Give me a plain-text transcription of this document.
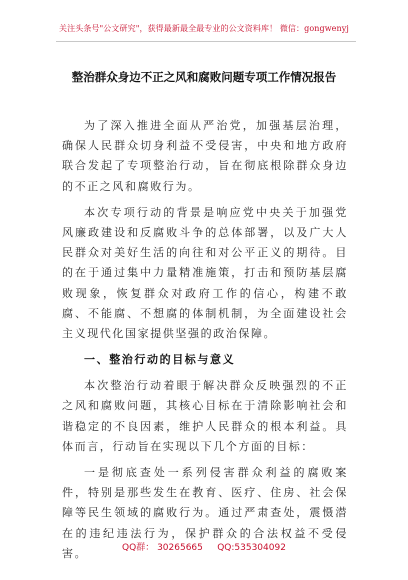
关注头条号"公文研究"，获得最新最全最专业的公文资料库！ 微信：gongwenyj
整治群众身边不正之风和腐败问题专项工作情况报告

为了深入推进全面从严治党，加强基层治理，确保人民群众切身利益不受侵害，中央和地方政府联合发起了专项整治行动，旨在彻底根除群众身边的不正之风和腐败行为。

本次专项行动的背景是响应党中央关于加强党风廉政建设和反腐败斗争的总体部署，以及广大人民群众对美好生活的向往和对公平正义的期待。目的在于通过集中力量精准施策，打击和预防基层腐败现象，恢复群众对政府工作的信心，构建不敢腐、不能腐、不想腐的体制机制，为全面建设社会主义现代化国家提供坚强的政治保障。

一、整治行动的目标与意义

本次整治行动着眼于解决群众反映强烈的不正之风和腐败问题，其核心目标在于清除影响社会和谐稳定的不良因素，维护人民群众的根本利益。具体而言，行动旨在实现以下几个方面的目标：

一是彻底查处一系列侵害群众利益的腐败案件，特别是那些发生在教育、医疗、住房、社会保障等民生领域的腐败行为。通过严肃查处，震慑潜在的违纪违法行为，保护群众的合法权益不受侵害。	QQ群： 30265665     QQ:535304092
